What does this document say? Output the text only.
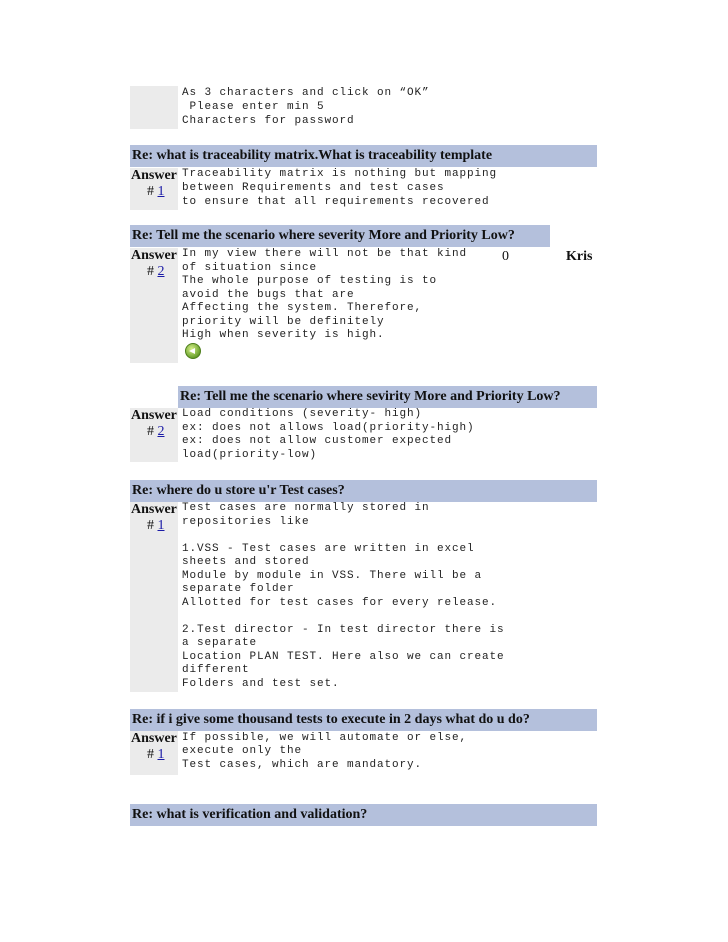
As 3 characters and click on “OK”
Please enter min 5
Characters for password
Re: what is traceability matrix.What is traceability template
Answer
# 1
Traceability matrix is nothing but mapping
between Requirements and test cases
to ensure that all requirements recovered
Re: Tell me the scenario where severity More and Priority Low?
Answer
# 2
In my view there will not be that kind
of situation since
The whole purpose of testing is to
avoid the bugs that are
Affecting the system. Therefore,
priority will be definitely
High when severity is high.
0	Kris
Re: Tell me the scenario where sevirity More and Priority Low?
Answer
# 2
Load conditions (severity- high)
ex: does not allows load(priority-high)
ex: does not allow customer expected
load(priority-low)
Re: where do u store u'r Test cases?
Answer
# 1
Test cases are normally stored in
repositories like
1.VSS - Test cases are written in excel
sheets and stored
Module by module in VSS. There will be a
separate folder
Allotted for test cases for every release.
2.Test director - In test director there is
a separate
Location PLAN TEST. Here also we can create
different
Folders and test set.
Re: if i give some thousand tests to execute in 2 days what do u do?
Answer
# 1
If possible, we will automate or else,
execute only the
Test cases, which are mandatory.
Re: what is verification and validation?
